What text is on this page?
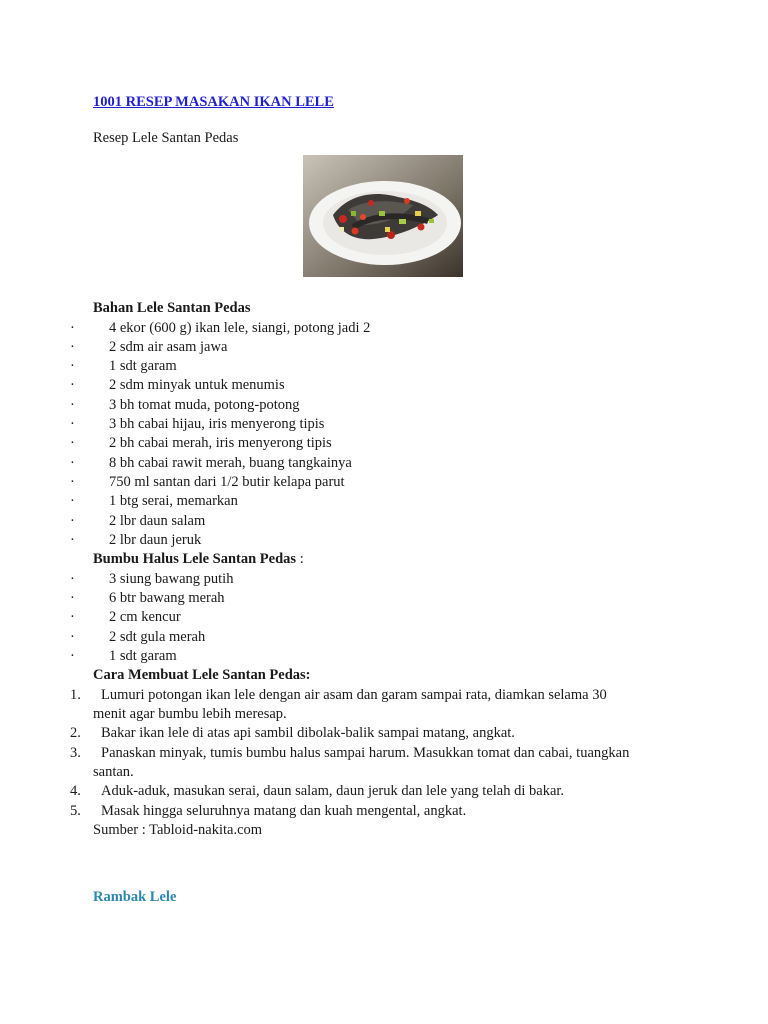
1001 RESEP MASAKAN IKAN LELE
Resep Lele Santan Pedas
Bahan Lele Santan Pedas
· 4 ekor (600 g) ikan lele, siangi, potong jadi 2
· 2 sdm air asam jawa
· 1 sdt garam
· 2 sdm minyak untuk menumis
· 3 bh tomat muda, potong-potong
· 3 bh cabai hijau, iris menyerong tipis
· 2 bh cabai merah, iris menyerong tipis
· 8 bh cabai rawit merah, buang tangkainya
· 750 ml santan dari 1/2 butir kelapa parut
· 1 btg serai, memarkan
· 2 lbr daun salam
· 2 lbr daun jeruk
Bumbu Halus Lele Santan Pedas :
· 3 siung bawang putih
· 6 btr bawang merah
· 2 cm kencur
· 2 sdt gula merah
· 1 sdt garam
Cara Membuat Lele Santan Pedas:
1. Lumuri potongan ikan lele dengan air asam dan garam sampai rata, diamkan selama 30
menit agar bumbu lebih meresap.
2. Bakar ikan lele di atas api sambil dibolak-balik sampai matang, angkat.
3. Panaskan minyak, tumis bumbu halus sampai harum. Masukkan tomat dan cabai, tuangkan
santan.
4. Aduk-aduk, masukan serai, daun salam, daun jeruk dan lele yang telah di bakar.
5. Masak hingga seluruhnya matang dan kuah mengental, angkat.
Sumber : Tabloid-nakita.com
Rambak Lele
